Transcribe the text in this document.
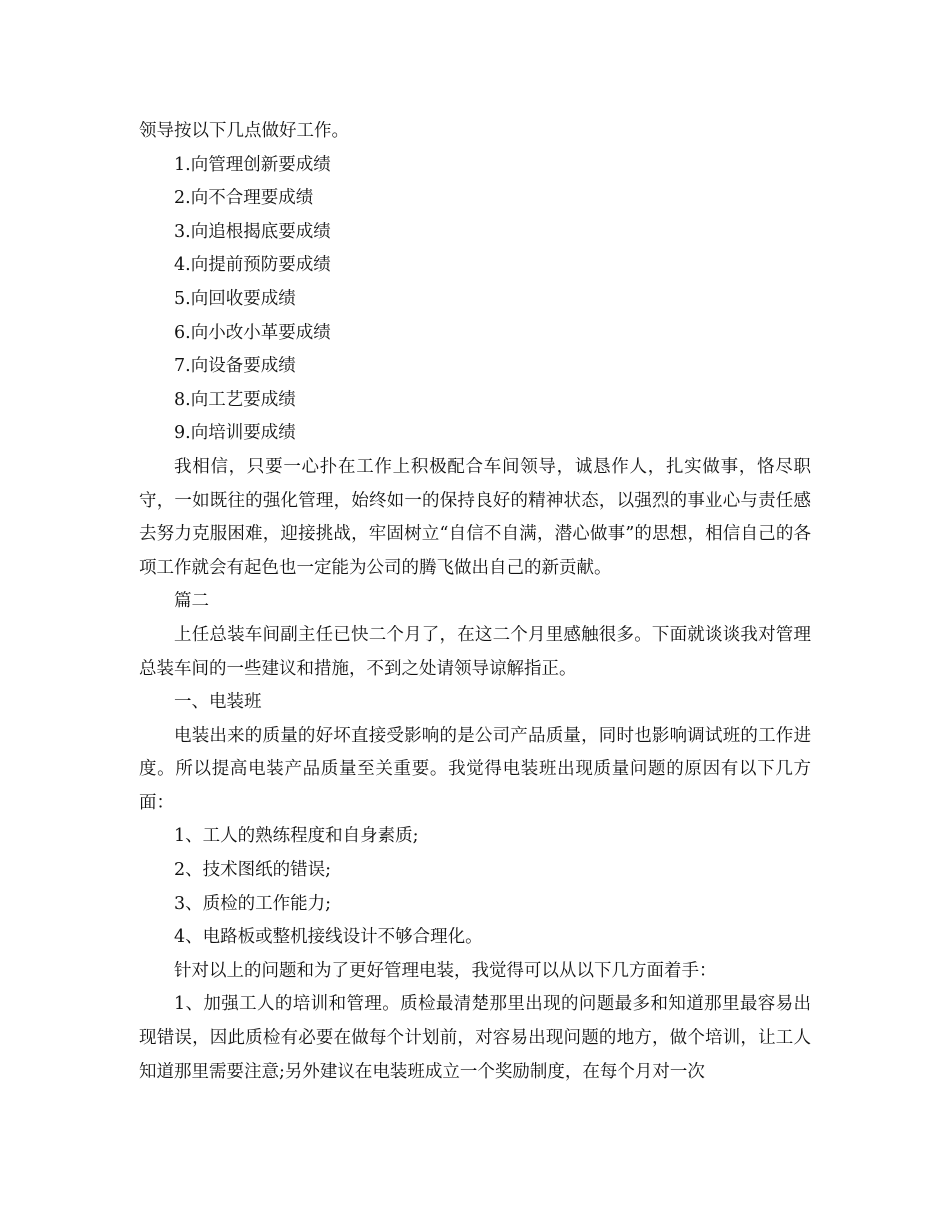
领导按以下几点做好工作。

1.向管理创新要成绩

2.向不合理要成绩

3.向追根揭底要成绩

4.向提前预防要成绩

5.向回收要成绩

6.向小改小革要成绩

7.向设备要成绩

8.向工艺要成绩

9.向培训要成绩

我相信，只要一心扑在工作上积极配合车间领导，诚恳作人，扎实做事，恪尽职守，一如既往的强化管理，始终如一的保持良好的精神状态，以强烈的事业心与责任感去努力克服困难，迎接挑战，牢固树立“自信不自满，潜心做事”的思想，相信自己的各项工作就会有起色也一定能为公司的腾飞做出自己的新贡献。

篇二

上任总装车间副主任已快二个月了，在这二个月里感触很多。下面就谈谈我对管理总装车间的一些建议和措施，不到之处请领导谅解指正。

一、电装班

电装出来的质量的好坏直接受影响的是公司产品质量，同时也影响调试班的工作进度。所以提高电装产品质量至关重要。我觉得电装班出现质量问题的原因有以下几方面：

1、工人的熟练程度和自身素质;

2、技术图纸的错误;

3、质检的工作能力;

4、电路板或整机接线设计不够合理化。

针对以上的问题和为了更好管理电装，我觉得可以从以下几方面着手：

1、加强工人的培训和管理。质检最清楚那里出现的问题最多和知道那里最容易出现错误，因此质检有必要在做每个计划前，对容易出现问题的地方，做个培训，让工人知道那里需要注意;另外建议在电装班成立一个奖励制度，在每个月对一次
